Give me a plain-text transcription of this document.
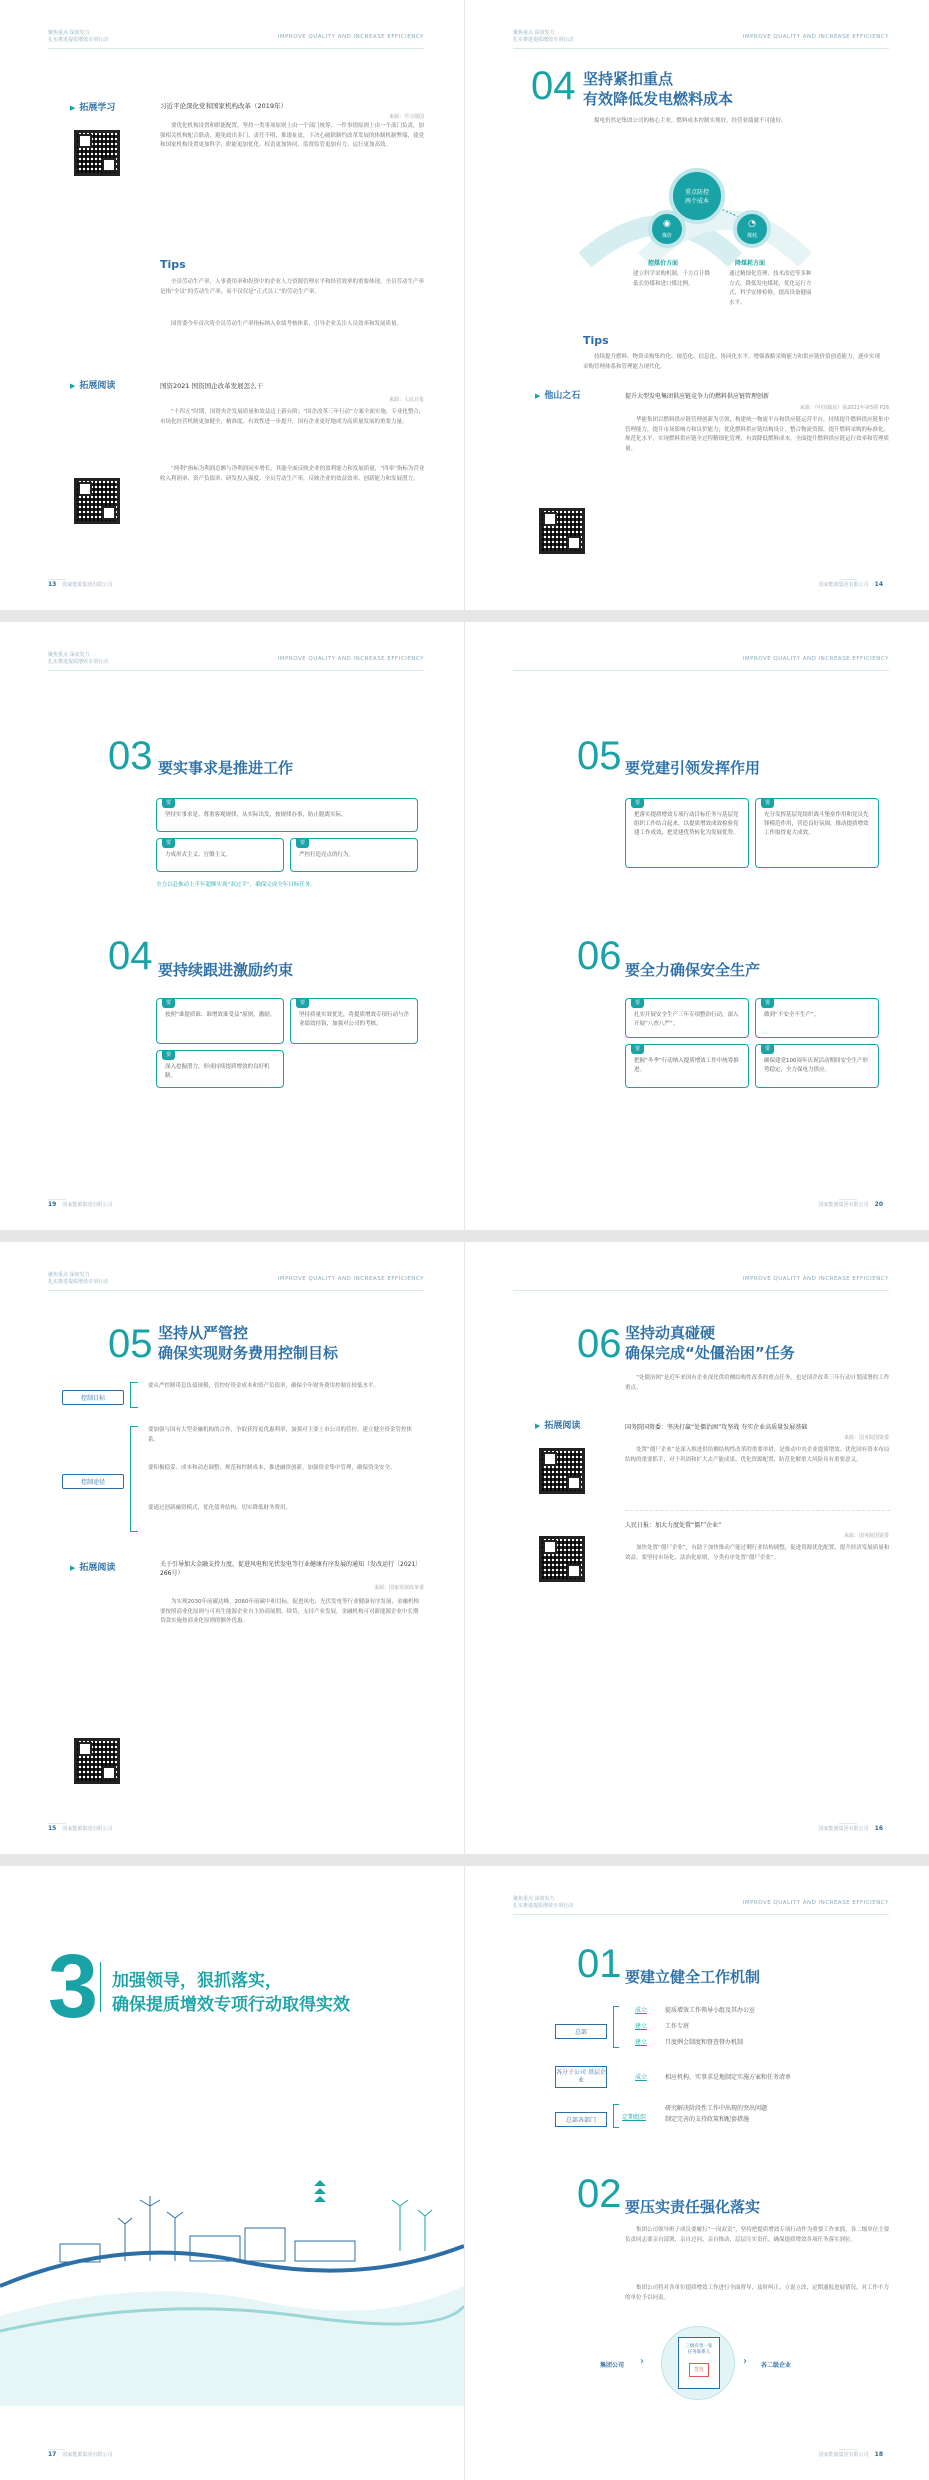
聚焦重点 深度发力
扎实推进提质增效专项行动	IMPROVE QUALITY AND INCREASE EFFICIENCY
▶ 拓展学习	习近平论深化党和国家机构改革（2019年）
来源：学习强国
要优化机构设置和职能配置，坚持一类事项原则上由一个部门统筹、一件事情原则上由一个部门负责，加强相关机构配合联动，避免政出多门、责任不明、推诿扯皮，下决心破除制约改革发展的体制机制弊端，使党和国家机构设置更加科学、职能更加优化、权责更加协同、监督监管更加有力、运行更加高效。
Tips
全员劳动生产率，人事费用率和投资中的企业人力资源管理水平和经营效率的重要体现。全员劳动生产率是指“全员”的劳动生产率，而不仅仅是“正式员工”的劳动生产率。
国资委今年首次将全员劳动生产率指标纳入业绩考核体系，引导企业关注人员效率和发展质量。
▶ 拓展阅读	国资2021 国资国企改革发展怎么干
来源：人民日报
“十四五”时期，国资央企发展质量和效益迈上新台阶；“国企改革三年行动”方案全面实施，专业化整合，市场化经营机制更加健全，精准度、有效性进一步提升，国有企业更好地成为高质量发展的重要力量。
“两利”指标为利润总额与净利润同步增长，其能全面反映企业的盈利能力和发展质量，“四率”指标为营业收入利润率、资产负债率、研发投入强度、全员劳动生产率，反映企业的效益效率、创新能力和发展潜力。
13 国家能源集团有限公司
聚焦重点 深度发力
扎实推进提质增效专项行动	IMPROVE QUALITY AND INCREASE EFFICIENCY
04 坚持紧扣重点
有效降低发电燃料成本
煤电仍然是集团公司的核心主业，燃料成本控制实现好，经营业绩就不可能好。
重点防控
两个成本
◉
煤价
◔
煤耗
控煤价方面
建立科学采购机制，千方百计降低长协煤和进口煤比例。
降煤耗方面
通过精细化管理、技术改造等多种方式，降低发电煤耗，优化运行方式，科学安排检修，提高设备健康水平。
Tips
持续提升燃料、物资采购集约化、规范化、信息化、协同化水平，增强战略采购能力和供应链价值创造能力，逐步实现采购管理体系和管理能力现代化。
▶ 他山之石	提升大型发电集团供应链竞争力的燃料供应链管理创新
来源：《中国煤炭》第2021年第5期 P26
华能集团以燃料供应链管理创新为引领，构建统一物流平台和供应链运营平台，持续提升燃料供应链集中管理能力，提升市场影响力和议价能力；优化燃料供应链结构设计，整合物流资源，提升燃料采购的标准化、规范化水平，实现燃料供应链全过程精细化管理，有效降低燃料成本，全面提升燃料供应链运行效率和管理质量。
国家能源集团有限公司 14
聚焦重点 深度发力
扎实推进提质增效专项行动	IMPROVE QUALITY AND INCREASE EFFICIENCY
03 要实事求是推进工作
要
坚持实事求是、尊重客观规律，从实际出发，按规律办事，防止脱离实际。
要
力戒形式主义、官僚主义。
要
严控打造亮点的行为。
全力以赴推动上半年超额实现“双过半”，确保完成全年目标任务。
04 要持续跟进激励约束
要
按照“谁提质谁、谁增效谁受益”原则，激励。
要
坚持质量实效优先，将提质增效专项行动与企业绩效挂钩，加强对公司的考核。
要
深入挖掘潜力，形成持续提质增效的良好机制。
19 国家能源集团有限公司
IMPROVE QUALITY AND INCREASE EFFICIENCY
05 要党建引领发挥作用
要
把落实提质增效专项行动目标任务与基层党组织工作结合起来，以提质增效成效检验党建工作成效，把党建优势转化为发展优势。
要
充分发挥基层党组织战斗堡垒作用和党员先锋模范作用，营造良好氛围，推动提质增效工作取得更大成效。
06 要全力确保安全生产
要
扎实开展安全生产三年专项整治行动，深入开展“八查八严”。
要
做到“不安全不生产”。
要
把握“冬季”行动纳入提质增效工作中统筹推进。
要
确保建党100周年庆祝活动期间安全生产形势稳定，全力保电力供应。
国家能源集团有限公司 20
聚焦重点 深度发力
扎实推进提质增效专项行动	IMPROVE QUALITY AND INCREASE EFFICIENCY
05 坚持从严管控
确保实现财务费用控制目标
控制目标
要从严控制带息负债规模，管控好资金成本和资产负债率，确保全年财务费用控制在较低水平。
控制途径
要加强与国有大型金融机构的合作，争取获得更优惠利率，加强对主要上市公司的管控，建立健全资金管控体系。
要积极稳妥、成本和动态调整，规范和控制成本，推进融资创新，加强资金集中管理，确保资金安全。
要通过创新融资模式，优化债务结构，切实降低财务费用。
▶ 拓展阅读	关于引导加大金融支持力度，促进风电和光伏发电等行业健康有序发展的通知（发改运行〔2021〕266号）
来源：国家发展改革委
为实现2030年前碳达峰、2060年前碳中和目标，促进风电、光伏发电等行业健康有序发展，金融机构要按照商业化原则与可再生能源企业自主协商展期、续贷，支持产业发展。金融机构可对新能源企业中长期贷款实施按商业化原则的额外优惠。
15 国家能源集团有限公司
IMPROVE QUALITY AND INCREASE EFFICIENCY
06 坚持动真碰硬
确保完成“处僵治困”任务
“处僵治困”是近年来国有企业深化供给侧结构性改革的重点任务，也是国企改革三年行动计划部署的工作重点。
▶ 拓展阅读	国务院国资委：坚决打赢“处僵治困”攻坚战 夯实企业高质量发展基础
来源：国务院国资委
处置“僵尸企业”是深入推进供给侧结构性改革的重要举措，是推动中央企业提质增效、优化国有资本布局结构的重要抓手，对于巩固和扩大去产能成果、优化资源配置、防范化解重大风险具有重要意义。
人民日报：加大力度处置“僵尸企业”
来源：国务院国资委
加快处置“僵尸企业”，有助于加快推动产能过剩行业结构调整，促进资源优化配置，提升经济发展质量和效益。要坚持市场化、法治化原则，分类有序处置“僵尸企业”。
国家能源集团有限公司 16
3 加强领导，狠抓落实，
确保提质增效专项行动取得实效
17 国家能源集团有限公司
聚焦重点 深度发力
扎实推进提质增效专项行动	IMPROVE QUALITY AND INCREASE EFFICIENCY
01 要建立健全工作机制
总部
成立	提质增效工作领导小组及其办公室
建立	工作专班
建立	月度例会制度和督查督办机制
各分子公司 基层企业	成立	相应机构，实事求是地制定实施方案和任务清单
总部各部门	定期组织
研究解决阶段性工作中出现的突出问题
制定完善的支持政策和配套措施
02 要压实责任强化落实
集团公司领导班子成员要履行“一岗双责”，坚持把提质增效专项行动作为重要工作来抓，各二级单位主要负责同志要亲自部署、亲自过问、亲自推动，层层压实责任，确保提质增效各项任务落实到位。
集团公司将对各单位提质增效工作进行全面督导，及时纠正、立说立改，定期通报进展情况，对工作不力的单位予以问责。
集团公司 ›
三级有害一张
任务联系人
签发
› 各二级企业
国家能源集团有限公司 18
